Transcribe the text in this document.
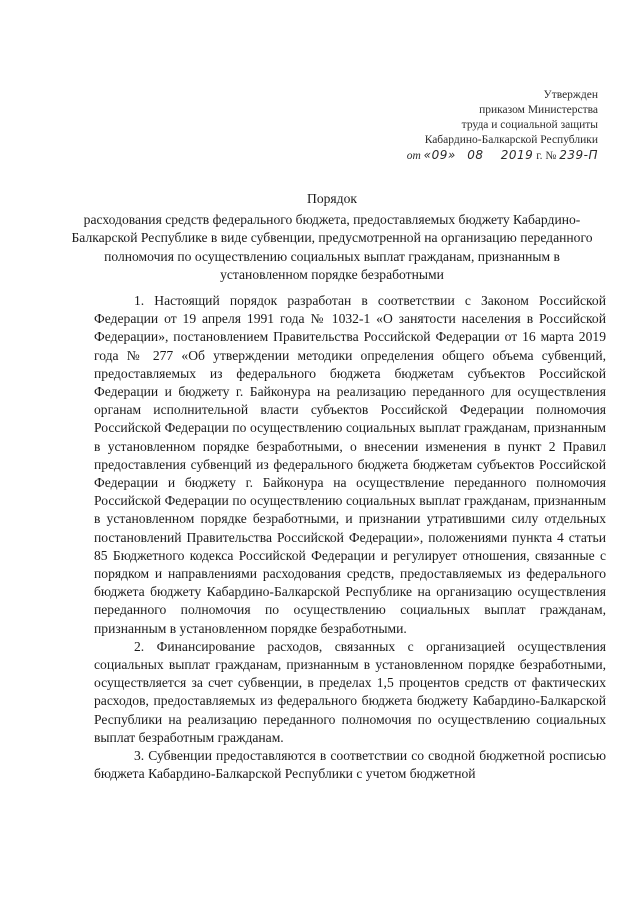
Утвержден
приказом Министерства
труда и социальной защиты
Кабардино-Балкарской Республики
от «09» 08 2019 г. № 239-П
Порядок
расходования средств федерального бюджета, предоставляемых бюджету Кабардино-Балкарской Республике в виде субвенции, предусмотренной на организацию переданного полномочия по осуществлению социальных выплат гражданам, признанным в установленном порядке безработными

1. Настоящий порядок разработан в соответствии с Законом Российской Федерации от 19 апреля 1991 года № 1032-1 «О занятости населения в Российской Федерации», постановлением Правительства Российской Федерации от 16 марта 2019 года № 277 «Об утверждении методики определения общего объема субвенций, предоставляемых из федерального бюджета бюджетам субъектов Российской Федерации и бюджету г. Байконура на реализацию переданного для осуществления органам исполнительной власти субъектов Российской Федерации полномочия Российской Федерации по осуществлению социальных выплат гражданам, признанным в установленном порядке безработными, о внесении изменения в пункт 2 Правил предоставления субвенций из федерального бюджета бюджетам субъектов Российской Федерации и бюджету г. Байконура на осуществление переданного полномочия Российской Федерации по осуществлению социальных выплат гражданам, признанным в установленном порядке безработными, и признании утратившими силу отдельных постановлений Правительства Российской Федерации», положениями пункта 4 статьи 85 Бюджетного кодекса Российской Федерации и регулирует отношения, связанные с порядком и направлениями расходования средств, предоставляемых из федерального бюджета бюджету Кабардино-Балкарской Республике на организацию осуществления переданного полномочия по осуществлению социальных выплат гражданам, признанным в установленном порядке безработными.

2. Финансирование расходов, связанных с организацией осуществления социальных выплат гражданам, признанным в установленном порядке безработными, осуществляется за счет субвенции, в пределах 1,5 процентов средств от фактических расходов, предоставляемых из федерального бюджета бюджету Кабардино-Балкарской Республики на реализацию переданного полномочия по осуществлению социальных выплат безработным гражданам.

3. Субвенции предоставляются в соответствии со сводной бюджетной росписью бюджета Кабардино-Балкарской Республики с учетом бюджетной
